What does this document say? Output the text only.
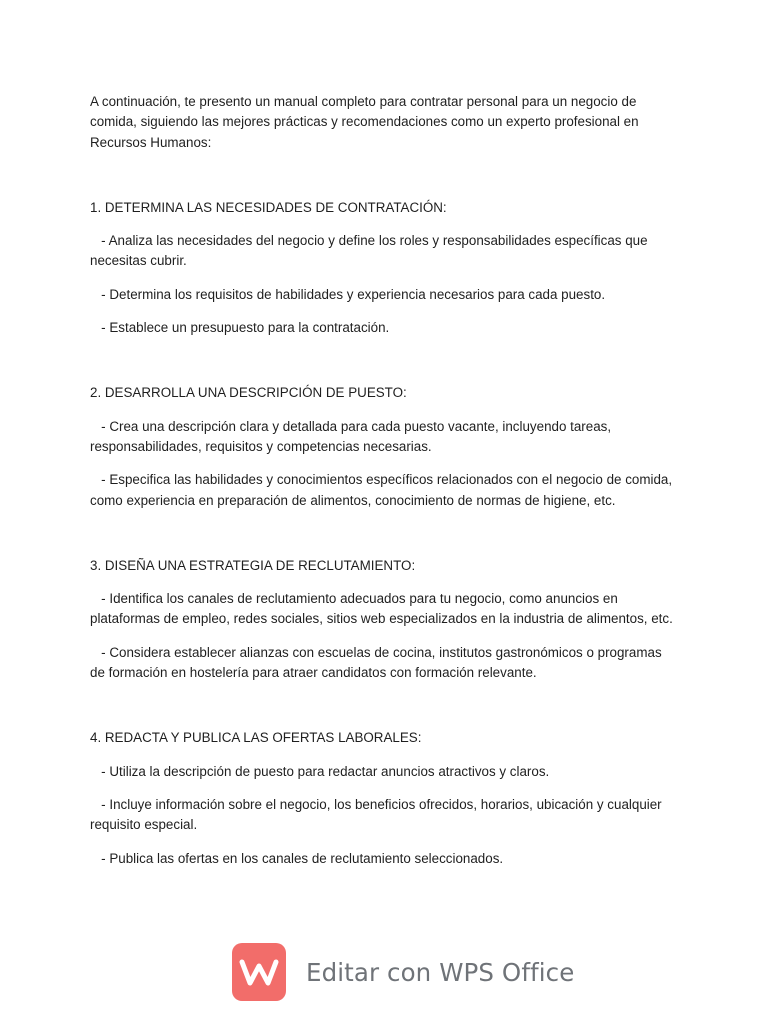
A continuación, te presento un manual completo para contratar personal para un negocio de comida, siguiendo las mejores prácticas y recomendaciones como un experto profesional en Recursos Humanos:

1. DETERMINA LAS NECESIDADES DE CONTRATACIÓN:

- Analiza las necesidades del negocio y define los roles y responsabilidades específicas que necesitas cubrir.

- Determina los requisitos de habilidades y experiencia necesarios para cada puesto.

- Establece un presupuesto para la contratación.

2. DESARROLLA UNA DESCRIPCIÓN DE PUESTO:

- Crea una descripción clara y detallada para cada puesto vacante, incluyendo tareas, responsabilidades, requisitos y competencias necesarias.

- Especifica las habilidades y conocimientos específicos relacionados con el negocio de comida, como experiencia en preparación de alimentos, conocimiento de normas de higiene, etc.

3. DISEÑA UNA ESTRATEGIA DE RECLUTAMIENTO:

- Identifica los canales de reclutamiento adecuados para tu negocio, como anuncios en plataformas de empleo, redes sociales, sitios web especializados en la industria de alimentos, etc.

- Considera establecer alianzas con escuelas de cocina, institutos gastronómicos o programas de formación en hostelería para atraer candidatos con formación relevante.

4. REDACTA Y PUBLICA LAS OFERTAS LABORALES:

- Utiliza la descripción de puesto para redactar anuncios atractivos y claros.

- Incluye información sobre el negocio, los beneficios ofrecidos, horarios, ubicación y cualquier requisito especial.

- Publica las ofertas en los canales de reclutamiento seleccionados.

Editar con WPS Office
